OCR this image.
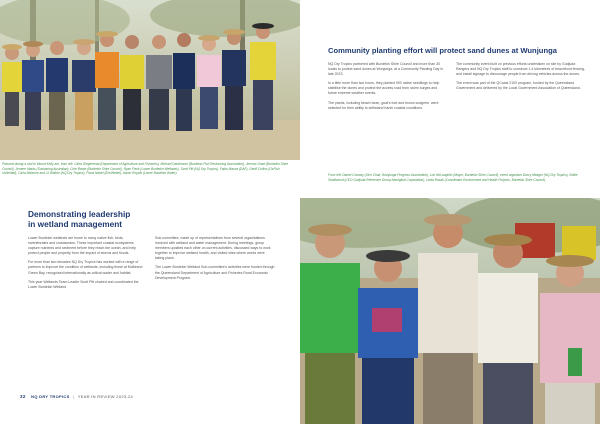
Pictured during a visit to Mount Kelly are, from left: Cafra Glegerhead (Department of Agriculture and Fisheries), Michael Darbensen (Burdekin Fish Restocking Association), Jemma Grant (Burdekin Shire Council), Jemeer Marks (Sustaining Australian), Cole Bowie (Burdekin Shire Council), Ryan Fleck (Lower Burdekin Wetlands), Scott Pitt (NQ Dry Tropics), Fabio Masca (DAF), Geoff Collins (OzFish Unlimited), Carla Malzone and JJ Walker (NQ Dry Tropics), Fiona Nabet (EnviNebel), Aaron Royale (Lower Burdekin Water).
Demonstrating leadership
in wetland management

Lower Burdekin wetlands are home to many native fish, birds, invertebrates and crustaceans. These important coastal ecosystems capture nutrients and sediment before they reach the ocean, and help protect people and property from the impact of storms and floods.

For more than two decades NQ Dry Tropics has worked with a range of partners to improve the condition of wetlands, including those at Mulbrand Green Bay, recognised internationally as critical wader and habitat.

This year Wetlands Team Leader Scott Pitt chaired and coordinated the Lower Burdekin Wetland

Sub-committee, made up of representatives from several organisations involved with wetland and water management. During meetings, group members updated each other on current activities, discussed ways to work together to improve wetland health, and visited sites where works were taking place.

The Lower Burdekin Wetland Sub-committee's activities were funded through the Queensland Department of Agriculture and Fisheries Rural Economic Development Program.

32 NQ DRY TROPICS | YEAR IN REVIEW 2023-24
Community planting effort will protect sand dunes at Wunjunga

NQ Dry Tropics partnered with Burdekin Shire Council and more than 30 locals to protect sand dunes at Wunjunga, at a Community Planting Day in late 2023.

In a little more than two hours, they planted 900 native seedlings to help stabilise the dunes and protect the access road from storm surges and future extreme weather events.

The plants, including beach bean, goat's foot and brown cudgerie, were selected for their ability to withstand harsh coastal conditions.

The community event built on previous efforts undertaken on site by Gudjuda Rangers and NQ Dry Tropics staff to construct 1.4 kilometres of beachfront fencing, and install signage to discourage people from driving vehicles across the dunes.

The event was part of the QCoast 2100 program, funded by the Queensland Government and delivered by the Local Government Association of Queensland.

From left: Daniel Conway (Vice Chair, Wunjunga Progress Association), Lori McLaughlin (Mayor, Burdekin Shire Council), event organiser Darcy Meager (NQ Dry Tropics), Eddie Smallwood (CEO Gudjuda Reference Group Aboriginal Corporation), Linda Rosati (Coordinator Environment and Health Projects, Burdekin Shire Council).
